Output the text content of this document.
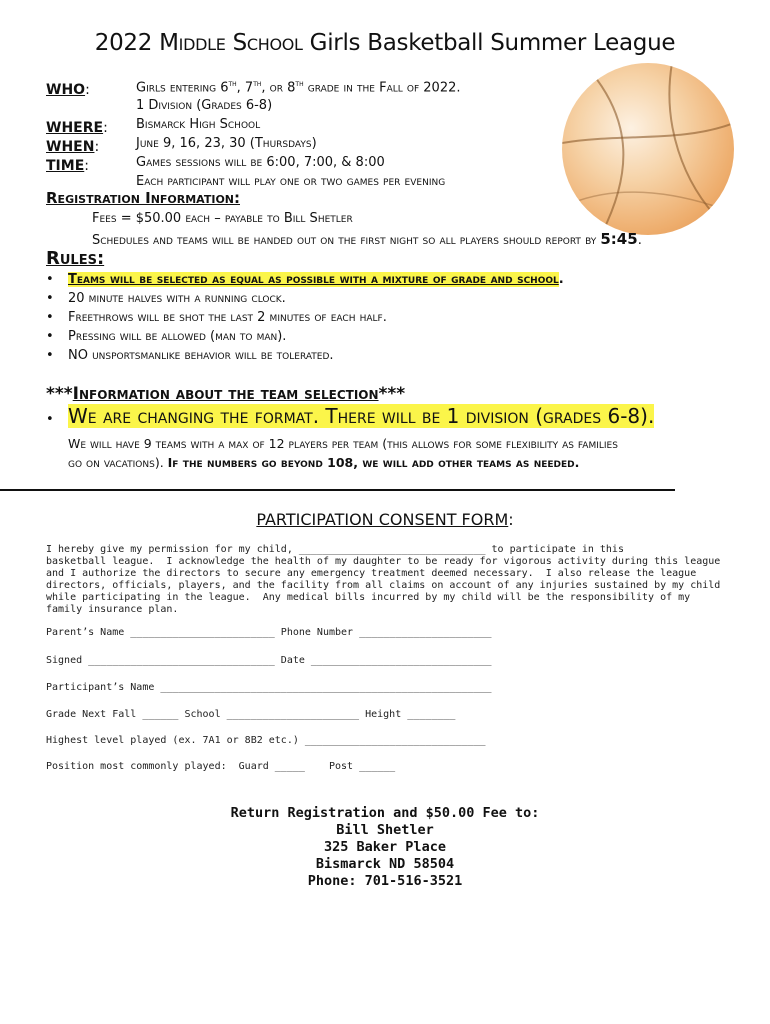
2022 Middle School Girls Basketball Summer League
WHO:	Girls entering 6th, 7th, or 8th grade in the Fall of 2022.
1 Division (Grades 6-8)
WHERE: Bismarck High School
WHEN:	June 9, 16, 23, 30 (Thursdays)
TIME:	Games sessions will be 6:00, 7:00, & 8:00
Each participant will play one or two games per evening
Registration Information:
Fees = $50.00 each – payable to Bill Shetler
Schedules and teams will be handed out on the first night so all players should report by 5:45.
Rules:
• Teams will be selected as equal as possible with a mixture of grade and school.
• 20 minute halves with a running clock.
• Freethrows will be shot the last 2 minutes of each half.
• Pressing will be allowed (man to man).
• NO unsportsmanlike behavior will be tolerated.
***Information about the team selection***
• We are changing the format. There will be 1 division (grades 6-8).
We will have 9 teams with a max of 12 players per team (this allows for some flexibility as families
go on vacations). If the numbers go beyond 108, we will add other teams as needed.
PARTICIPATION CONSENT FORM:
I hereby give my permission for my child, _______________________________ to participate in this
basketball league.  I acknowledge the health of my daughter to be ready for vigorous activity during this league
and I authorize the directors to secure any emergency treatment deemed necessary.  I also release the league
directors, officials, players, and the facility from all claims on account of any injuries sustained by my child
while participating in the league.  Any medical bills incurred by my child will be the responsibility of my
family insurance plan.
Parent’s Name ________________________ Phone Number ______________________
Signed _______________________________ Date ______________________________
Participant’s Name _______________________________________________________
Grade Next Fall ______ School ______________________ Height ________
Highest level played (ex. 7A1 or 8B2 etc.) ______________________________
Position most commonly played:  Guard _____    Post ______
Return Registration and $50.00 Fee to:
Bill Shetler
325 Baker Place
Bismarck ND 58504
Phone: 701-516-3521
